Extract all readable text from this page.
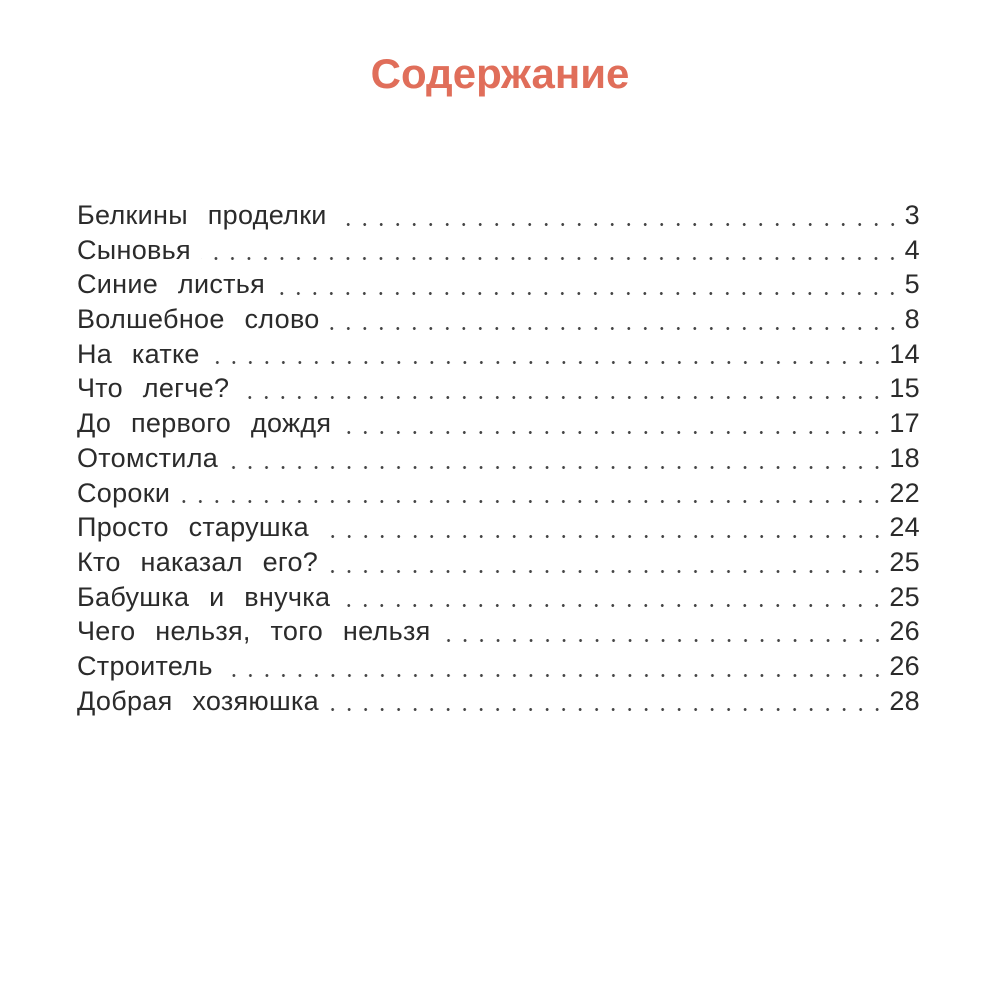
Содержание
Белкины проделки	3
Сыновья	4
Синие листья	5
Волшебное слово	8
На катке	14
Что легче?	15
До первого дождя	17
Отомстила	18
Сороки	22
Просто старушка	24
Кто наказал его?	25
Бабушка и внучка	25
Чего нельзя, того нельзя	26
Строитель	26
Добрая хозяюшка	28
